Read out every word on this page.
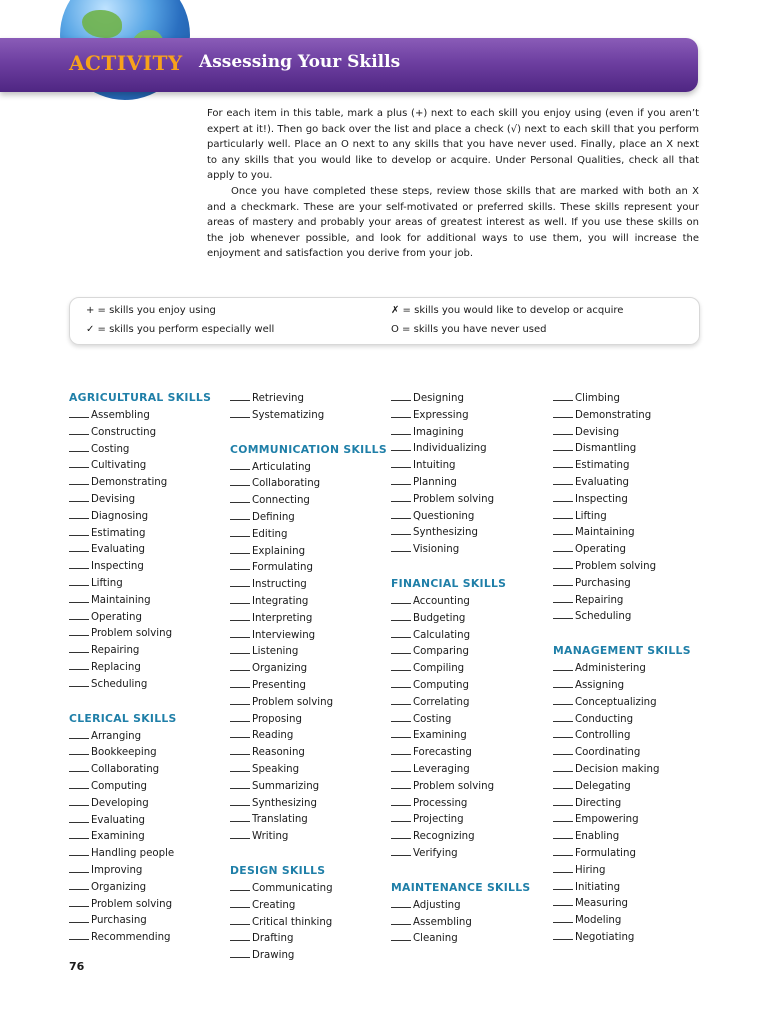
ACTIVITY Assessing Your Skills

For each item in this table, mark a plus (+) next to each skill you enjoy using (even if you aren’t expert at it!). Then go back over the list and place a check (√) next to each skill that you perform particularly well. Place an O next to any skills that you have never used. Finally, place an X next to any skills that you would like to develop or acquire. Under Personal Qualities, check all that apply to you.

Once you have completed these steps, review those skills that are marked with both an X and a checkmark. These are your self-motivated or preferred skills. These skills represent your areas of mastery and probably your areas of greatest interest as well. If you use these skills on the job whenever possible, and look for additional ways to use them, you will increase the enjoyment and satisfaction you derive from your job.

+ = skills you enjoy using
✓ = skills you perform especially well
✗ = skills you would like to develop or acquire
O = skills you have never used
AGRICULTURAL SKILLS
Assembling
Constructing
Costing
Cultivating
Demonstrating
Devising
Diagnosing
Estimating
Evaluating
Inspecting
Lifting
Maintaining
Operating
Problem solving
Repairing
Replacing
Scheduling
CLERICAL SKILLS
Arranging
Bookkeeping
Collaborating
Computing
Developing
Evaluating
Examining
Handling people
Improving
Organizing
Problem solving
Purchasing
Recommending
Retrieving
Systematizing
COMMUNICATION SKILLS
Articulating
Collaborating
Connecting
Defining
Editing
Explaining
Formulating
Instructing
Integrating
Interpreting
Interviewing
Listening
Organizing
Presenting
Problem solving
Proposing
Reading
Reasoning
Speaking
Summarizing
Synthesizing
Translating
Writing
DESIGN SKILLS
Communicating
Creating
Critical thinking
Drafting
Drawing
Designing
Expressing
Imagining
Individualizing
Intuiting
Planning
Problem solving
Questioning
Synthesizing
Visioning
FINANCIAL SKILLS
Accounting
Budgeting
Calculating
Comparing
Compiling
Computing
Correlating
Costing
Examining
Forecasting
Leveraging
Problem solving
Processing
Projecting
Recognizing
Verifying
MAINTENANCE SKILLS
Adjusting
Assembling
Cleaning
Climbing
Demonstrating
Devising
Dismantling
Estimating
Evaluating
Inspecting
Lifting
Maintaining
Operating
Problem solving
Purchasing
Repairing
Scheduling
MANAGEMENT SKILLS
Administering
Assigning
Conceptualizing
Conducting
Controlling
Coordinating
Decision making
Delegating
Directing
Empowering
Enabling
Formulating
Hiring
Initiating
Measuring
Modeling
Negotiating
76
